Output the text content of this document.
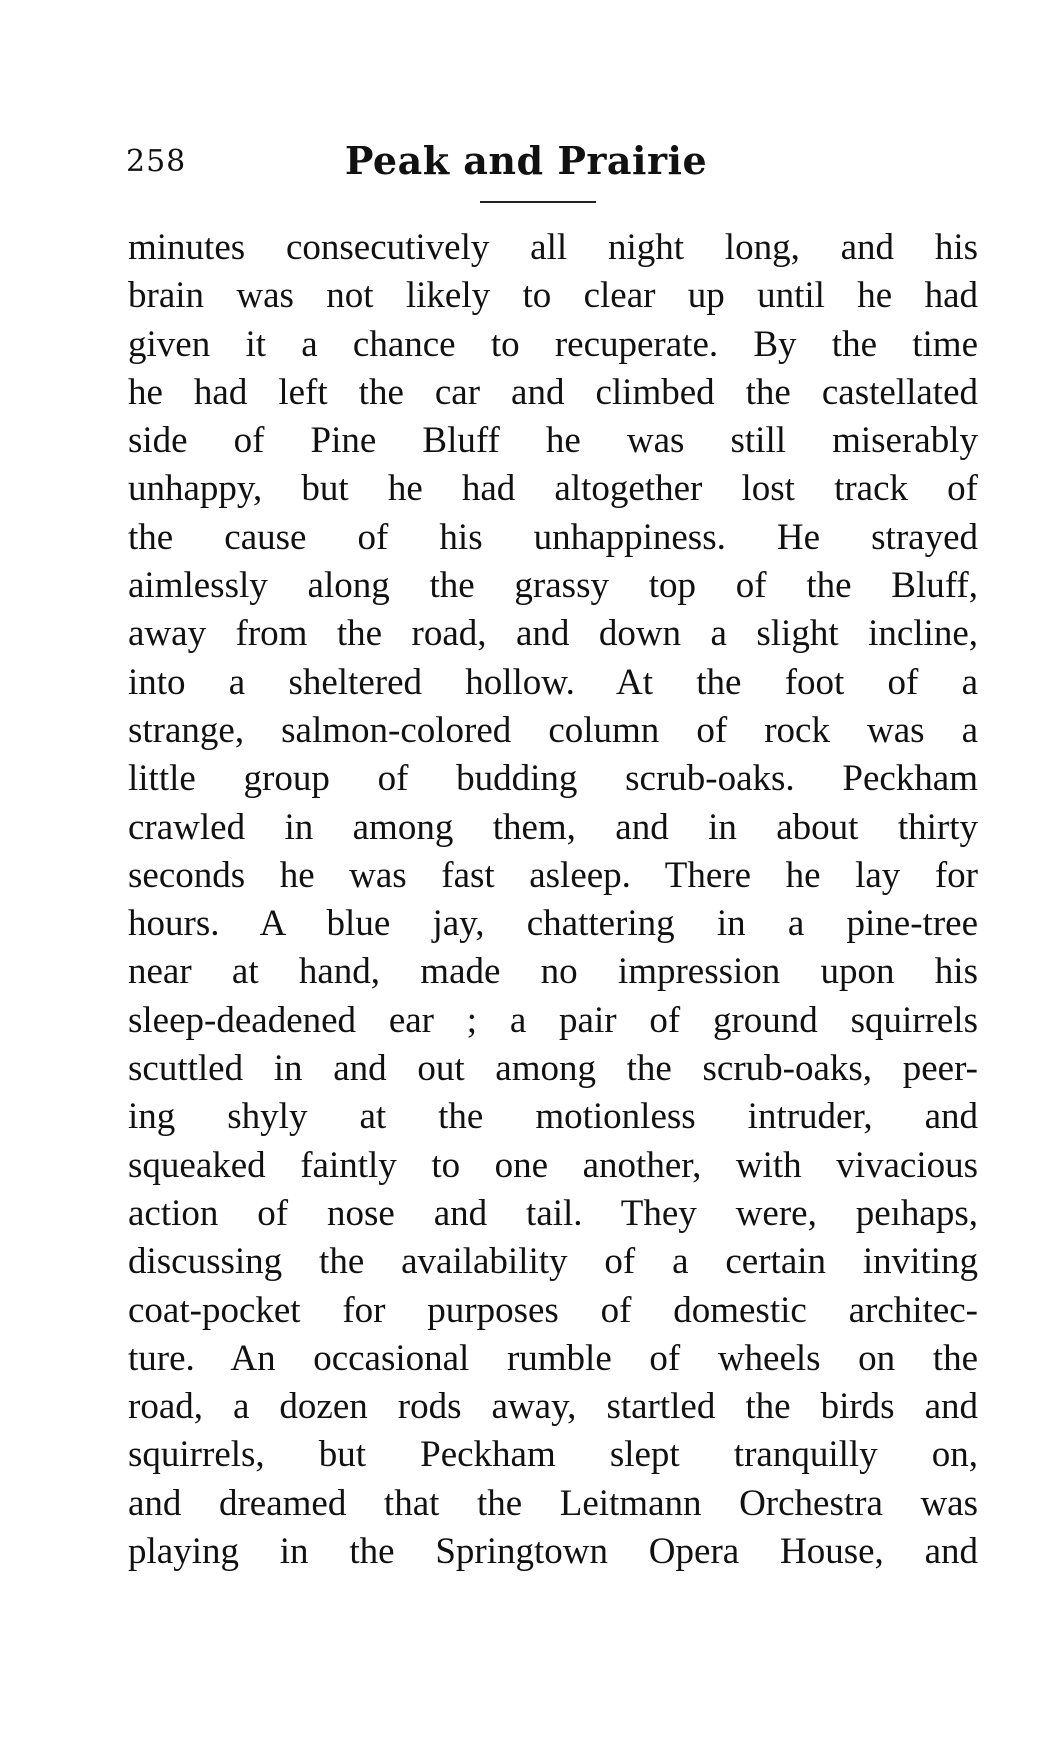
258	Peak and Prairie
minutes consecutively all night long, and his
brain was not likely to clear up until he had
given it a chance to recuperate. By the time
he had left the car and climbed the castellated
side of Pine Bluff he was still miserably
unhappy, but he had altogether lost track of
the cause of his unhappiness. He strayed
aimlessly along the grassy top of the Bluff,
away from the road, and down a slight incline,
into a sheltered hollow. At the foot of a
strange, salmon-colored column of rock was a
little group of budding scrub-oaks. Peckham
crawled in among them, and in about thirty
seconds he was fast asleep. There he lay for
hours. A blue jay, chattering in a pine-tree
near at hand, made no impression upon his
sleep-deadened ear ; a pair of ground squirrels
scuttled in and out among the scrub-oaks, peer-
ing shyly at the motionless intruder, and
squeaked faintly to one another, with vivacious
action of nose and tail. They were, peıhaps,
discussing the availability of a certain inviting
coat-pocket for purposes of domestic architec-
ture. An occasional rumble of wheels on the
road, a dozen rods away, startled the birds and
squirrels, but Peckham slept tranquilly on,
and dreamed that the Leitmann Orchestra was
playing in the Springtown Opera House, and
